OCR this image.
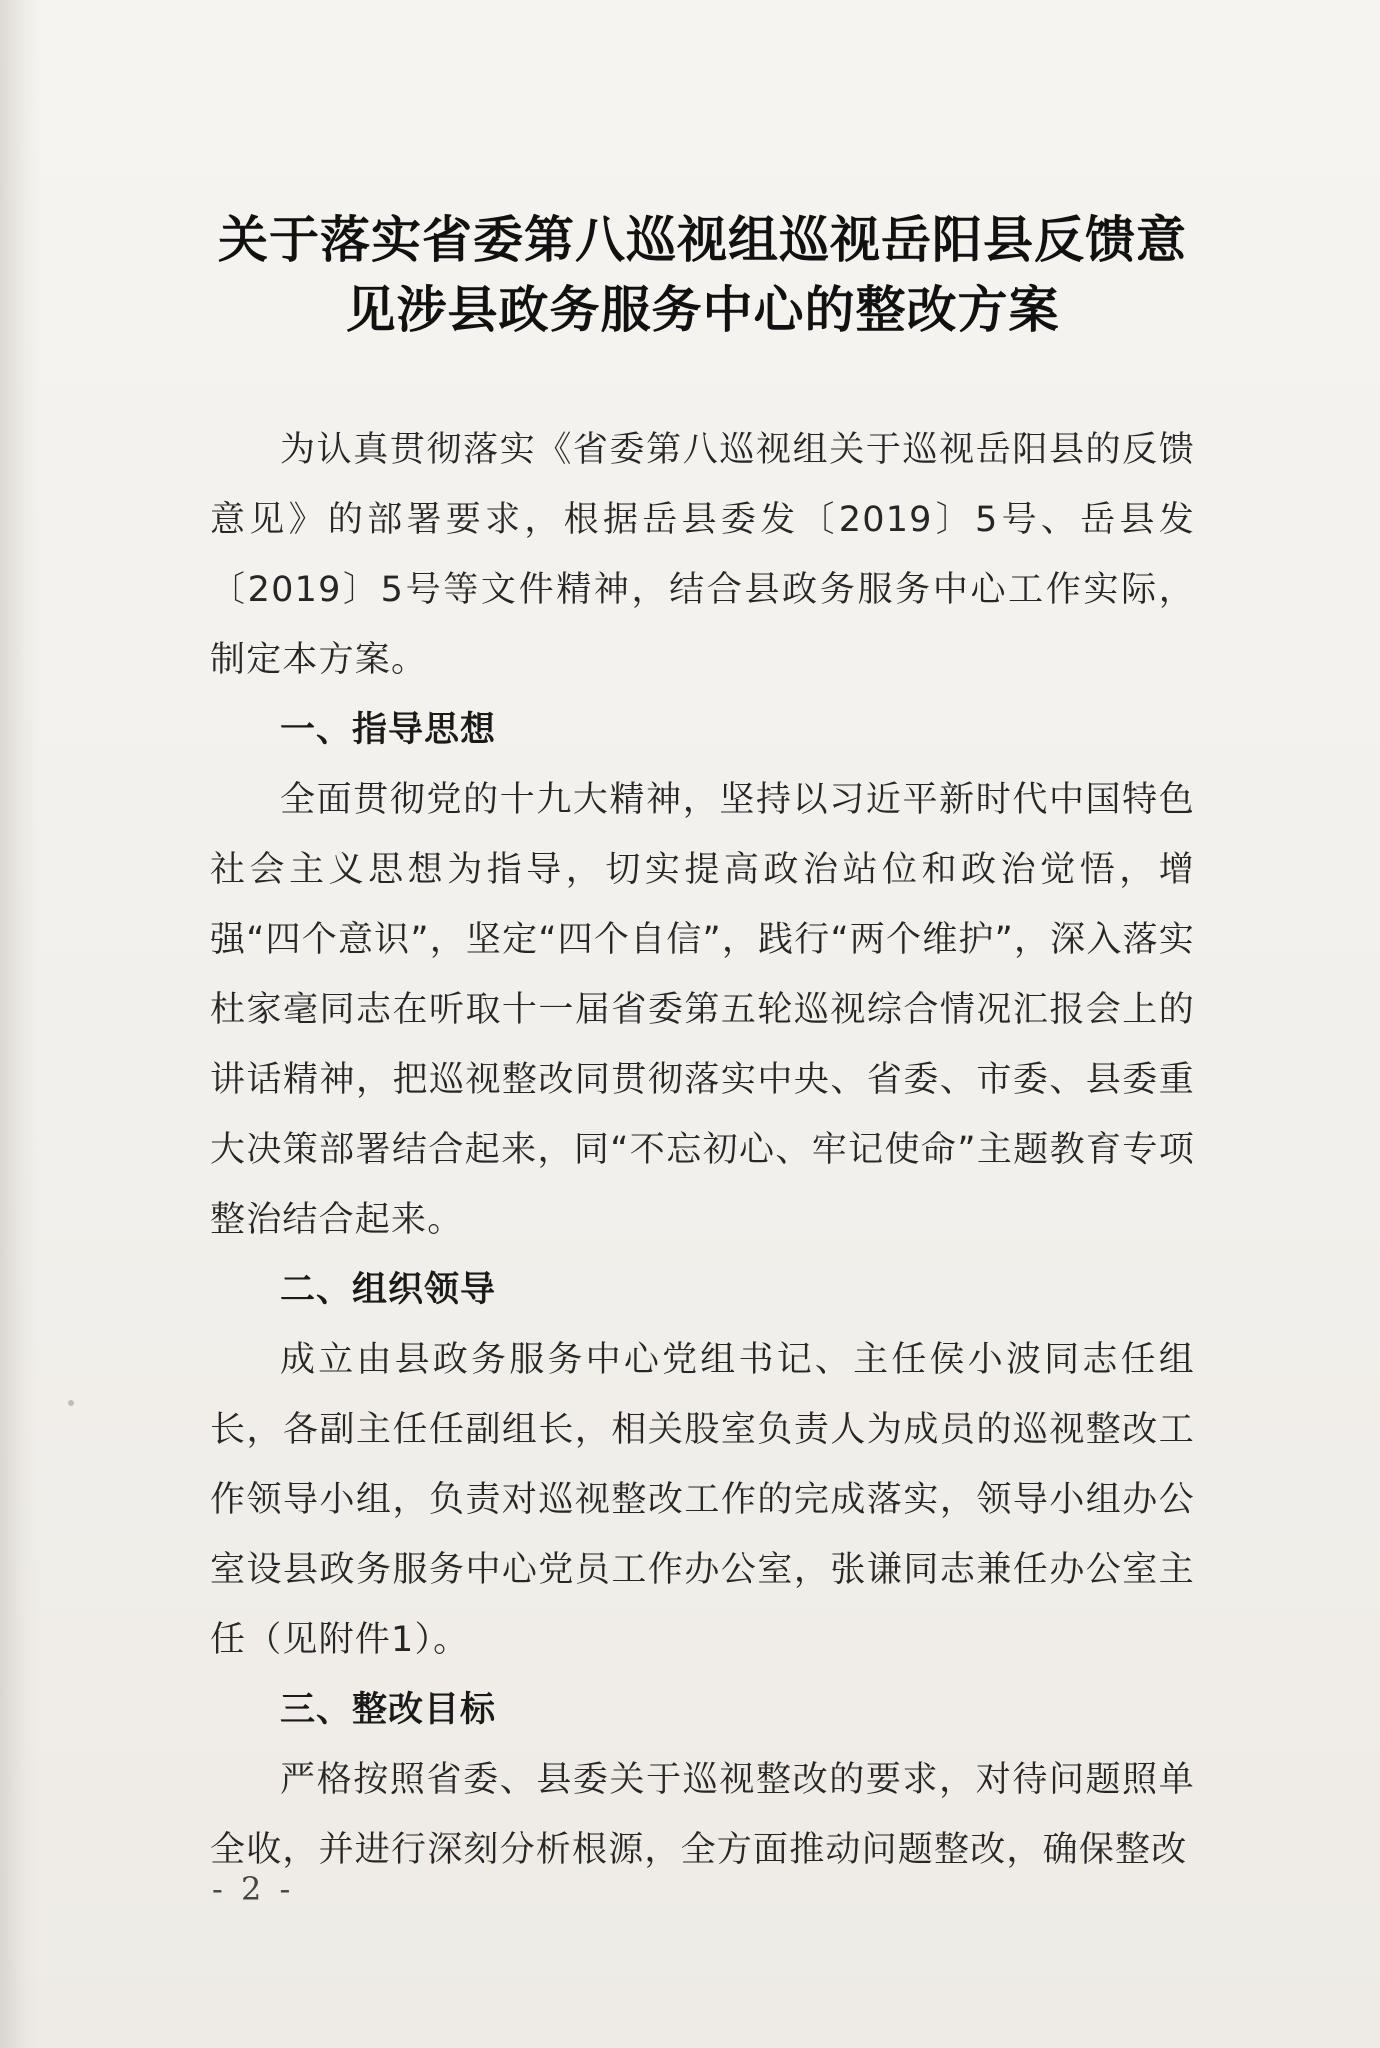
关于落实省委第八巡视组巡视岳阳县反馈意
见涉县政务服务中心的整改方案

为认真贯彻落实《省委第八巡视组关于巡视岳阳县的反馈意见》的部署要求，根据岳县委发〔2019〕5号、岳县发〔2019〕5号等文件精神，结合县政务服务中心工作实际，制定本方案。

一、指导思想

全面贯彻党的十九大精神，坚持以习近平新时代中国特色社会主义思想为指导，切实提高政治站位和政治觉悟，增强“四个意识”，坚定“四个自信”，践行“两个维护”，深入落实杜家毫同志在听取十一届省委第五轮巡视综合情况汇报会上的讲话精神，把巡视整改同贯彻落实中央、省委、市委、县委重大决策部署结合起来，同“不忘初心、牢记使命”主题教育专项整治结合起来。

二、组织领导

成立由县政务服务中心党组书记、主任侯小波同志任组长，各副主任任副组长，相关股室负责人为成员的巡视整改工作领导小组，负责对巡视整改工作的完成落实，领导小组办公室设县政务服务中心党员工作办公室，张谦同志兼任办公室主任（见附件1）。

三、整改目标

严格按照省委、县委关于巡视整改的要求，对待问题照单全收，并进行深刻分析根源，全方面推动问题整改，确保整改

- 2 -
